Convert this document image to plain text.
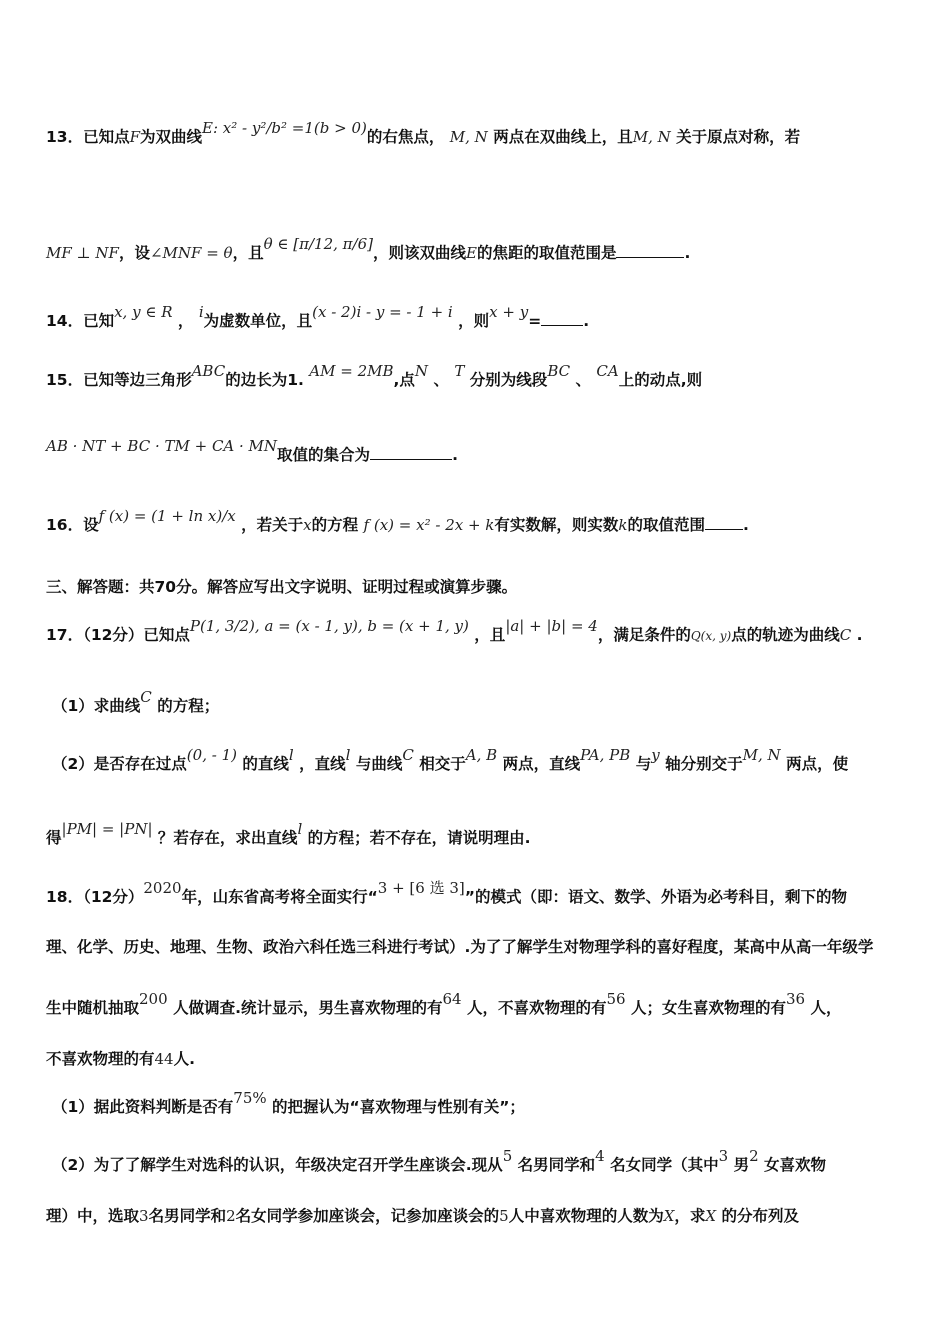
13．已知点F为双曲线E: x² - y²/b² =1(b > 0)的右焦点， M, N 两点在双曲线上，且M, N 关于原点对称，若
MF ⊥ NF，设∠MNF = θ，且θ ∈ [π/12, π/6]，则该双曲线E的焦距的取值范围是	.
14．已知x, y ∈ R ， i为虚数单位，且(x - 2)i - y = - 1 + i ，则x + y=	.
15．已知等边三角形ABC的边长为1. AM = 2MB,点N 、 T 分别为线段BC 、 CA上的动点,则
AB · NT + BC · TM + CA · MN取值的集合为	.
16．设f (x) = (1 + ln x)/x ，若关于x的方程 f (x) = x² - 2x + k有实数解，则实数k的取值范围 .
三、解答题：共70分。解答应写出文字说明、证明过程或演算步骤。
17．（12分）已知点P(1, 3/2), a = (x - 1, y), b = (x + 1, y) ，且|a| + |b| = 4，满足条件的Q(x, y)点的轨迹为曲线C .
（1）求曲线C 的方程；
（2）是否存在过点(0, - 1) 的直线l ，直线l 与曲线C 相交于A, B 两点，直线PA, PB 与y 轴分别交于M, N 两点，使
得|PM| = |PN| ？若存在，求出直线l 的方程；若不存在，请说明理由.
18．（12分）2020年，山东省高考将全面实行“3 + [6 选 3]”的模式（即：语文、数学、外语为必考科目，剩下的物
理、化学、历史、地理、生物、政治六科任选三科进行考试）.为了了解学生对物理学科的喜好程度，某高中从高一年级学
生中随机抽取200 人做调查.统计显示，男生喜欢物理的有64 人，不喜欢物理的有56 人；女生喜欢物理的有36 人，
不喜欢物理的有44人.
（1）据此资料判断是否有75% 的把握认为“喜欢物理与性别有关”；
（2）为了了解学生对选科的认识，年级决定召开学生座谈会.现从5 名男同学和4 名女同学（其中3 男2 女喜欢物
理）中，选取3名男同学和2名女同学参加座谈会，记参加座谈会的5人中喜欢物理的人数为X，求X 的分布列及
